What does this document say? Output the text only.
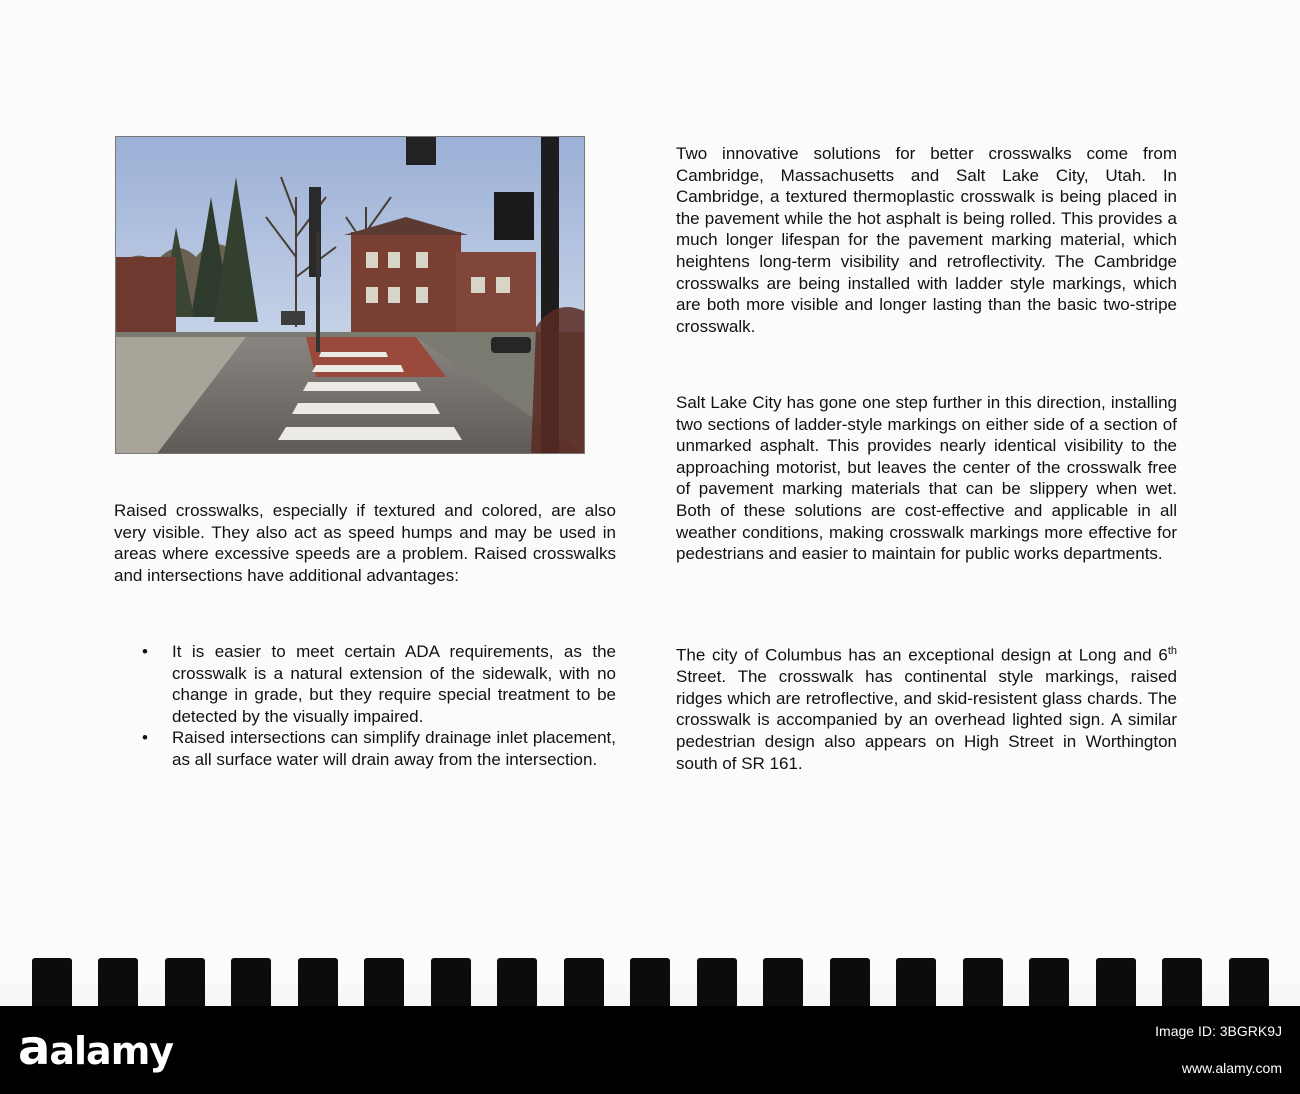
Raised crosswalks, especially if textured and colored, are also very visible. They also act as speed humps and may be used in areas where excessive speeds are a problem. Raised crosswalks and intersections have additional advantages:

• It is easier to meet certain ADA requirements, as the crosswalk is a natural extension of the sidewalk, with no change in grade, but they require special treatment to be detected by the visually impaired.
• Raised intersections can simplify drainage inlet placement, as all surface water will drain away from the intersection.

Two innovative solutions for better crosswalks come from Cambridge, Massachusetts and Salt Lake City, Utah. In Cambridge, a textured thermoplastic crosswalk is being placed in the pavement while the hot asphalt is being rolled. This provides a much longer lifespan for the pavement marking material, which heightens long-term visibility and retroflectivity. The Cambridge crosswalks are being installed with ladder style markings, which are both more visible and longer lasting than the basic two-stripe crosswalk.

Salt Lake City has gone one step further in this direction, installing two sections of ladder-style markings on either side of a section of unmarked asphalt. This provides nearly identical visibility to the approaching motorist, but leaves the center of the crosswalk free of pavement marking materials that can be slippery when wet. Both of these solutions are cost-effective and applicable in all weather conditions, making crosswalk markings more effective for pedestrians and easier to maintain for public works departments.

The city of Columbus has an exceptional design at Long and 6th Street. The crosswalk has continental style markings, raised ridges which are retroflective, and skid-resistent glass chards. The crosswalk is accompanied by an overhead lighted sign. A similar pedestrian design also appears on High Street in Worthington south of SR 161.

aalamy	Image ID: 3BGRK9J
www.alamy.com
